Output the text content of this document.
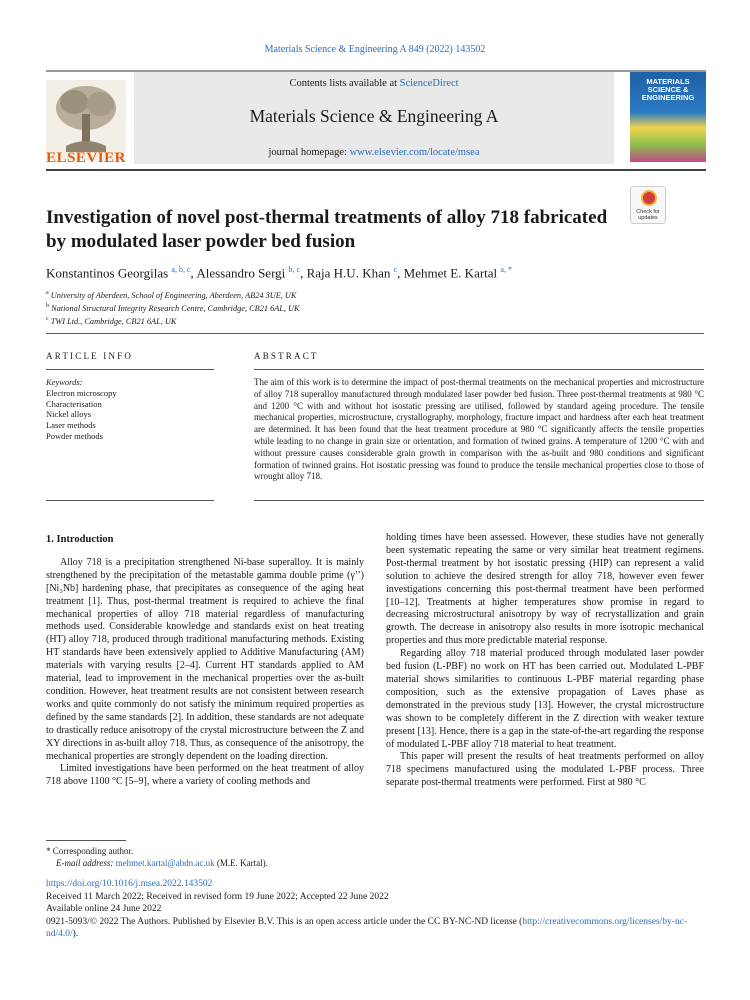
Materials Science & Engineering A 849 (2022) 143502
ELSEVIER
Contents lists available at ScienceDirect
Materials Science & Engineering A
journal homepage: www.elsevier.com/locate/msea
MATERIALS SCIENCE & ENGINEERING
Check for updates
Investigation of novel post-thermal treatments of alloy 718 fabricated by modulated laser powder bed fusion
Konstantinos Georgilas $^{a, b, c}$, Alessandro Sergi $^{b, c}$, Raja H.U. Khan $^c$, Mehmet E. Kartal $^{a, *}$
$^a$ University of Aberdeen, School of Engineering, Aberdeen, AB24 3UE, UK
$^b$ National Structural Integrity Research Centre, Cambridge, CB21 6AL, UK
$^c$ TWI Ltd., Cambridge, CB21 6AL, UK
ARTICLE INFO	ABSTRACT
Keywords:
Electron microscopy
Characterisation
Nickel alloys
Laser methods
Powder methods
The aim of this work is to determine the impact of post-thermal treatments on the mechanical properties and microstructure of alloy 718 superalloy manufactured through modulated laser powder bed fusion. Three post-thermal treatments at 980 °C and 1200 °C with and without hot isostatic pressing are utilised, followed by standard ageing procedure. The tensile mechanical properties, microstructure, crystallography, morphology, fracture impact and hardness after each heat treatment are determined. It has been found that the heat treatment procedure at 980 °C significantly affects the tensile properties while leading to no change in grain size or orientation, and formation of twined grains. A temperature of 1200 °C with and without pressure causes considerable grain growth in comparison with the as-built and 980 conditions and significant formation of twinned grains. Hot isostatic pressing was found to produce the tensile mechanical properties close to those of wrought alloy 718.
1. Introduction

Alloy 718 is a precipitation strengthened Ni-base superalloy. It is mainly strengthened by the precipitation of the metastable gamma double prime (γ’’) [Ni₃Nb] hardening phase, that precipitates as consequence of the aging heat treatment [1]. Thus, post-thermal treatment is required to achieve the final mechanical properties of alloy 718 material regardless of manufacturing methods used. Considerable knowledge and standards exist on heat treating (HT) alloy 718, produced through traditional manufacturing methods. Existing HT standards have been extensively applied to Additive Manufacturing (AM) materials with varying results [2–4]. Current HT standards applied to AM material, lead to improvement in the mechanical properties over the as-built condition. However, heat treatment results are not consistent between research works and quite commonly do not satisfy the minimum required properties as defined by the same standards [2]. In addition, these standards are not adequate to drastically reduce anisotropy of the crystal microstructure between the Z and XY directions in as-built alloy 718. Thus, as consequence of the anisotropy, the mechanical properties are strongly dependent on the loading direction.

Limited investigations have been performed on the heat treatment of alloy 718 above 1100 °C [5–9], where a variety of cooling methods and

holding times have been assessed. However, these studies have not generally been systematic repeating the same or very similar heat treatment regimens. Post-thermal treatment by hot isostatic pressing (HIP) can represent a valid solution to achieve the desired strength for alloy 718, however even fewer investigations concerning this post-thermal treatment have been performed [10–12]. Treatments at higher temperatures show promise in regard to decreasing microstructural anisotropy by way of recrystallization and grain growth. The decrease in anisotropy also results in more isotropic mechanical properties and thus more predictable material response.

Regarding alloy 718 material produced through modulated laser powder bed fusion (L-PBF) no work on HT has been carried out. Modulated L-PBF material shows similarities to continuous L-PBF material regarding phase composition, such as the extensive propagation of Laves phase as demonstrated in the previous study [13]. However, the crystal microstructure was shown to be completely different in the Z direction with weaker texture present [13]. Hence, there is a gap in the state-of-the-art regarding the response of modulated L-PBF alloy 718 material to heat treatment.

This paper will present the results of heat treatments performed on alloy 718 specimens manufactured using the modulated L-PBF process. Three separate post-thermal treatments were performed. First at 980 °C

* Corresponding author.
E-mail address: mehmet.kartal@abdn.ac.uk (M.E. Kartal).
https://doi.org/10.1016/j.msea.2022.143502
Received 11 March 2022; Received in revised form 19 June 2022; Accepted 22 June 2022
Available online 24 June 2022
0921-5093/© 2022 The Authors. Published by Elsevier B.V. This is an open access article under the CC BY-NC-ND license (http://creativecommons.org/licenses/by-nc-nd/4.0/).
